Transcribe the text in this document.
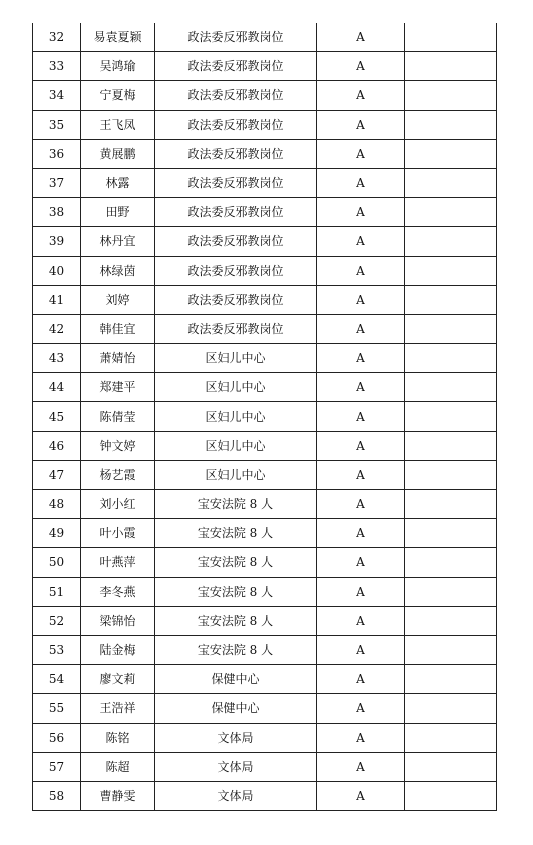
32	易袁夏颖	政法委反邪教岗位	A	
33	吴鸿瑜	政法委反邪教岗位	A	
34	宁夏梅	政法委反邪教岗位	A	
35	王飞凤	政法委反邪教岗位	A	
36	黄展鹏	政法委反邪教岗位	A	
37	林露	政法委反邪教岗位	A	
38	田野	政法委反邪教岗位	A	
39	林丹宜	政法委反邪教岗位	A	
40	林绿茵	政法委反邪教岗位	A	
41	刘婷	政法委反邪教岗位	A	
42	韩佳宜	政法委反邪教岗位	A	
43	萧婧怡	区妇儿中心	A	
44	郑建平	区妇儿中心	A	
45	陈倩莹	区妇儿中心	A	
46	钟文婷	区妇儿中心	A	
47	杨艺霞	区妇儿中心	A	
48	刘小红	宝安法院 8 人	A	
49	叶小霞	宝安法院 8 人	A	
50	叶燕萍	宝安法院 8 人	A	
51	李冬燕	宝安法院 8 人	A	
52	梁锦怡	宝安法院 8 人	A	
53	陆金梅	宝安法院 8 人	A	
54	廖文莉	保健中心	A	
55	王浩祥	保健中心	A	
56	陈铭	文体局	A	
57	陈超	文体局	A	
58	曹静雯	文体局	A	
